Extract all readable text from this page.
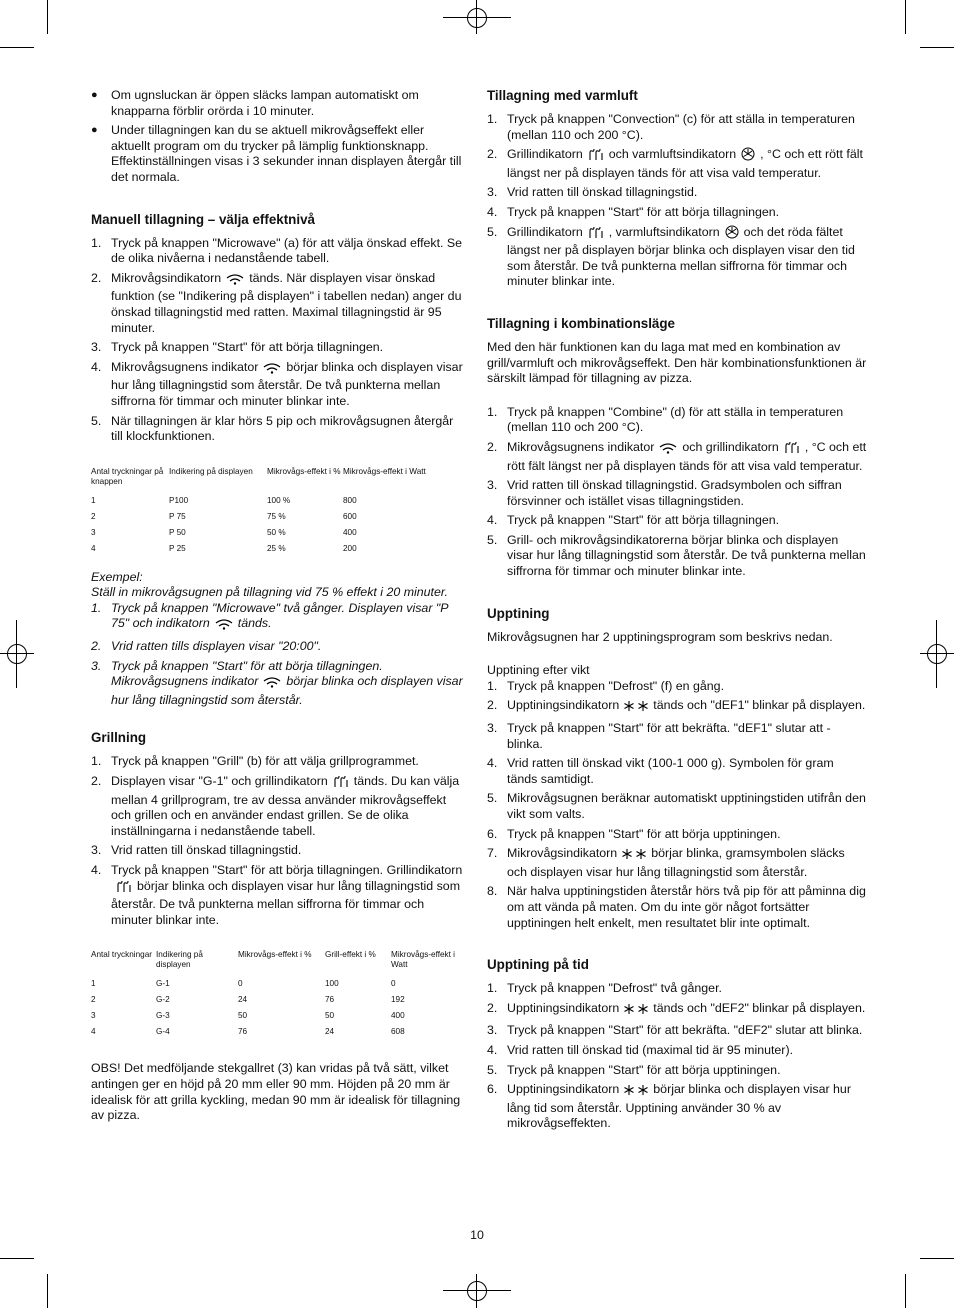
● Om ugnsluckan är öppen släcks lampan automatiskt om knapparna förblir orörda i 10 minuter.
● Under tillagningen kan du se aktuell mikrovågseffekt eller aktuellt program om du trycker på lämplig funktionsknapp. Effektinställningen visas i 3 sekunder innan displayen återgår till det normala.
Manuell tillagning – välja effektnivå
1. Tryck på knappen "Microwave" (a) för att välja önskad effekt. Se de olika nivåerna i nedanstående tabell.
2. Mikrovågsindikatorn tänds. När displayen visar önskad funktion (se "Indikering på displayen" i tabellen nedan) anger du önskad tillagningstid med ratten. Maximal tillagningstid är 95 minuter.
3. Tryck på knappen "Start" för att börja tillagningen.
4. Mikrovågsugnens indikator börjar blinka och displayen visar hur lång tillagningstid som återstår. De två punkterna mellan siffrorna för timmar och minuter blinkar inte.
5. När tillagningen är klar hörs 5 pip och mikrovågsugnen återgår till klockfunktionen.
Antal tryckningar på knappen	Indikering på displayen	Mikrovågs-effekt i %	Mikrovågs-effekt i Watt
1	P100	100 %	800
2	P 75	75 %	600
3	P 50	50 %	400
4	P 25	25 %	200

Exempel:

Ställ in mikrovågsugnen på tillagning vid 75 % effekt i 20 minuter.

1. Tryck på knappen "Microwave" två gånger. Displayen visar "P 75" och indikatorn tänds.
2. Vrid ratten tills displayen visar "20:00".
3. Tryck på knappen "Start" för att börja tillagningen. Mikrovågsugnens indikator börjar blinka och displayen visar hur lång tillagningstid som återstår.
Grillning
1. Tryck på knappen "Grill" (b) för att välja grillprogrammet.
2. Displayen visar "G-1" och grillindikatorn tänds. Du kan välja mellan 4 grillprogram, tre av dessa använder mikrovågseffekt och grillen och en använder endast grillen. Se de olika inställningarna i nedanstående tabell.
3. Vrid ratten till önskad tillagningstid.
4. Tryck på knappen "Start" för att börja tillagningen. Grillindikatornbörjar blinka och displayen visar hur lång tillagningstid som återstår. De två punkterna mellan siffrorna för timmar och minuter blinkar inte.
Antal tryckningar	Indikering på displayen	Mikrovågs-effekt i %	Grill-effekt i %	Mikrovågs-effekt i Watt
1	G-1	0	100	0
2	G-2	24	76	192
3	G-3	50	50	400
4	G-4	76	24	608

OBS! Det medföljande stekgallret (3) kan vridas på två sätt, vilket antingen ger en höjd på 20 mm eller 90 mm. Höjden på 20 mm är idealisk för att grilla kyckling, medan 90 mm är idealisk för tillagning av pizza.

Tillagning med varmluft
1. Tryck på knappen "Convection" (c) för att ställa in temperaturen (mellan 110 och 200 °C).
2. Grillindikatorn och varmluftsindikatorn , °C och ett rött fält längst ner på displayen tänds för att visa vald temperatur.
3. Vrid ratten till önskad tillagningstid.
4. Tryck på knappen "Start" för att börja tillagningen.
5. Grillindikatorn , varmluftsindikatorn och det röda fältet längst ner på displayen börjar blinka och displayen visar den tid som återstår. De två punkterna mellan siffrorna för timmar och minuter blinkar inte.
Tillagning i kombinationsläge

Med den här funktionen kan du laga mat med en kombination av grill/varmluft och mikrovågseffekt. Den här kombinationsfunktionen är särskilt lämpad för tillagning av pizza.

1. Tryck på knappen "Combine" (d) för att ställa in temperaturen (mellan 110 och 200 °C).
2. Mikrovågsugnens indikator och grillindikatorn , °C och ett rött fält längst ner på displayen tänds för att visa vald temperatur.
3. Vrid ratten till önskad tillagningstid. Gradsymbolen och siffran försvinner och istället visas tillagningstiden.
4. Tryck på knappen "Start" för att börja tillagningen.
5. Grill- och mikrovågsindikatorerna börjar blinka och displayen visar hur lång tillagningstid som återstår. De två punkterna mellan siffrorna för timmar och minuter blinkar inte.
Upptining

Mikrovågsugnen har 2 upptiningsprogram som beskrivs nedan.

Upptining efter vikt

1. Tryck på knappen "Defrost" (f) en gång.
2. Upptiningsindikatorn	tänds och "dEF1" blinkar på displayen.
3. Tryck på knappen "Start" för att bekräfta. "dEF1" slutar att - blinka.
4. Vrid ratten till önskad vikt (100-1 000 g). Symbolen för gram tänds samtidigt.
5. Mikrovågsugnen beräknar automatiskt upptiningstiden utifrån den vikt som valts.
6. Tryck på knappen "Start" för att börja upptiningen.
7. Mikrovågsindikatorn	börjar blinka, gramsymbolen släcks och displayen visar hur lång tillagningstid som återstår.
8. När halva upptiningstiden återstår hörs två pip för att påminna dig om att vända på maten. Om du inte gör något fortsätter upptiningen helt enkelt, men resultatet blir inte optimalt.
Upptining på tid
1. Tryck på knappen "Defrost" två gånger.
2. Upptiningsindikatorn	tänds och "dEF2" blinkar på displayen.
3. Tryck på knappen "Start" för att bekräfta. "dEF2" slutar att blinka.
4. Vrid ratten till önskad tid (maximal tid är 95 minuter).
5. Tryck på knappen "Start" för att börja upptiningen.
6. Upptiningsindikatorn	börjar blinka och displayen visar hur lång tid som återstår. Upptining använder 30 % av mikrovågseffekten.
10
